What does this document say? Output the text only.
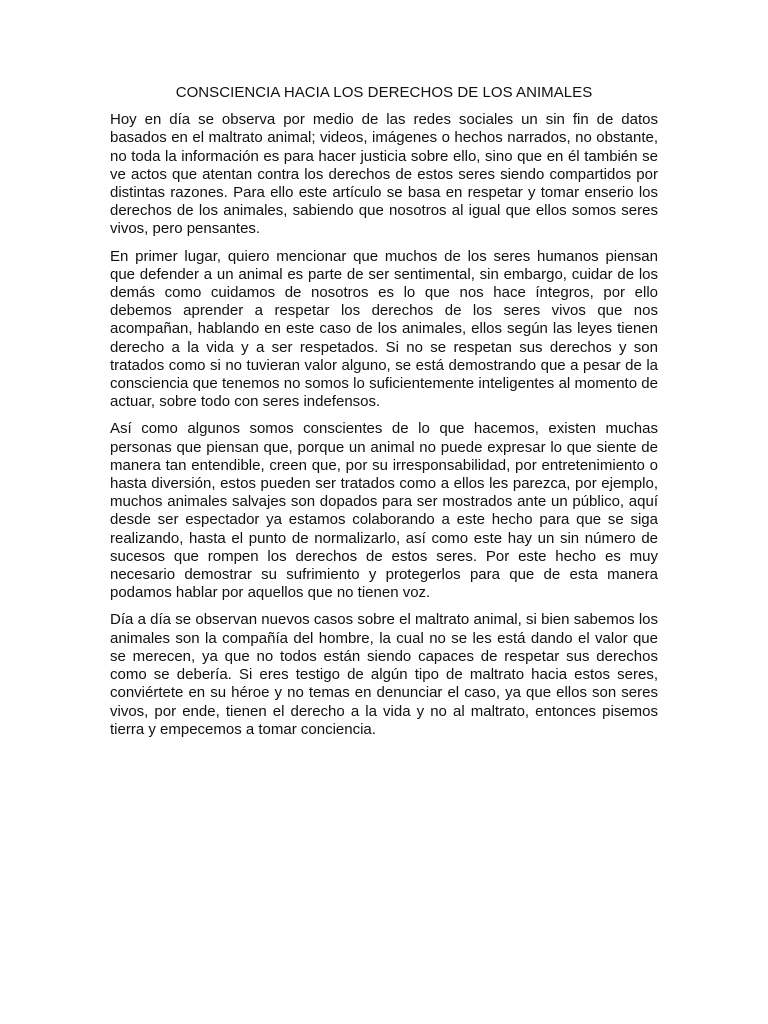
CONSCIENCIA HACIA LOS DERECHOS DE LOS ANIMALES

Hoy en día se observa por medio de las redes sociales un sin fin de datos basados en el maltrato animal; videos, imágenes o hechos narrados, no obstante, no toda la información es para hacer justicia sobre ello, sino que en él también se ve actos que atentan contra los derechos de estos seres siendo compartidos por distintas razones. Para ello este artículo se basa en respetar y tomar enserio los derechos de los animales, sabiendo que nosotros al igual que ellos somos seres vivos, pero pensantes.

En primer lugar, quiero mencionar que muchos de los seres humanos piensan que defender a un animal es parte de ser sentimental, sin embargo, cuidar de los demás como cuidamos de nosotros es lo que nos hace íntegros, por ello debemos aprender a respetar los derechos de los seres vivos que nos acompañan, hablando en este caso de los animales, ellos según las leyes tienen derecho a la vida y a ser respetados. Si no se respetan sus derechos y son tratados como si no tuvieran valor alguno, se está demostrando que a pesar de la consciencia que tenemos no somos lo suficientemente inteligentes al momento de actuar, sobre todo con seres indefensos.

Así como algunos somos conscientes de lo que hacemos, existen muchas personas que piensan que, porque un animal no puede expresar lo que siente de manera tan entendible, creen que, por su irresponsabilidad, por entretenimiento o hasta diversión, estos pueden ser tratados como a ellos les parezca, por ejemplo, muchos animales salvajes son dopados para ser mostrados ante un público, aquí desde ser espectador ya estamos colaborando a este hecho para que se siga realizando, hasta el punto de normalizarlo, así como este hay un sin número de sucesos que rompen los derechos de estos seres. Por este hecho es muy necesario demostrar su sufrimiento y protegerlos para que de esta manera podamos hablar por aquellos que no tienen voz.

Día a día se observan nuevos casos sobre el maltrato animal, si bien sabemos los animales son la compañía del hombre, la cual no se les está dando el valor que se merecen, ya que no todos están siendo capaces de respetar sus derechos como se debería. Si eres testigo de algún tipo de maltrato hacia estos seres, conviértete en su héroe y no temas en denunciar el caso, ya que ellos son seres vivos, por ende, tienen el derecho a la vida y no al maltrato, entonces pisemos tierra y empecemos a tomar conciencia.
